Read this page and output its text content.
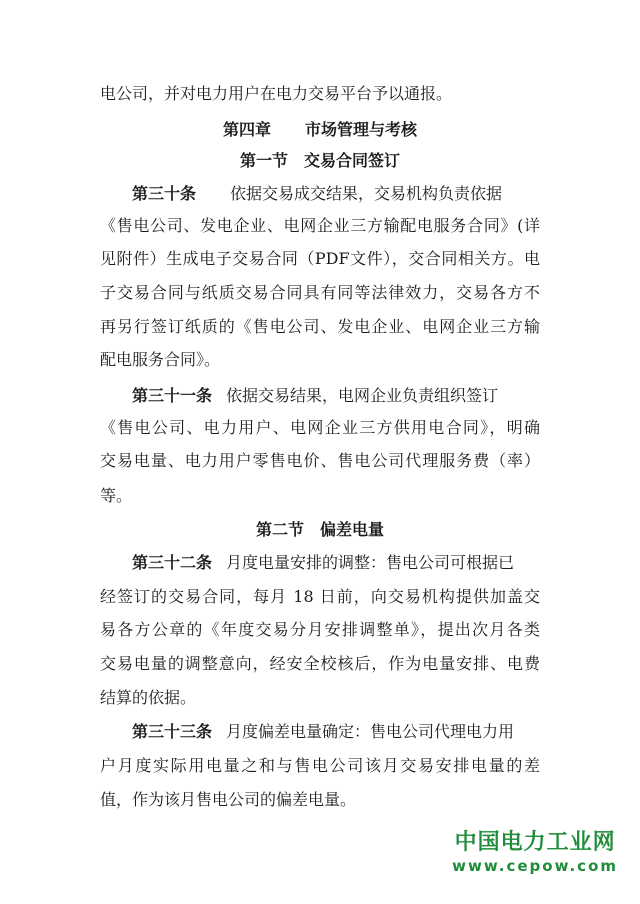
电公司，并对电力用户在电力交易平台予以通报。
第四章 市场管理与考核
第一节 交易合同签订
第三十条 依据交易成交结果，交易机构负责依据
《售电公司、发电企业、电网企业三方输配电服务合同》(详
见附件）生成电子交易合同（PDF文件），交合同相关方。电
子交易合同与纸质交易合同具有同等法律效力，交易各方不
再另行签订纸质的《售电公司、发电企业、电网企业三方输
配电服务合同》。
第三十一条 依据交易结果，电网企业负责组织签订
《售电公司、电力用户、电网企业三方供用电合同》，明确
交易电量、电力用户零售电价、售电公司代理服务费（率）
等。
第二节 偏差电量
第三十二条 月度电量安排的调整：售电公司可根据已
经签订的交易合同，每月 18 日前，向交易机构提供加盖交
易各方公章的《年度交易分月安排调整单》，提出次月各类
交易电量的调整意向，经安全校核后，作为电量安排、电费
结算的依据。
第三十三条 月度偏差电量确定：售电公司代理电力用
户月度实际用电量之和与售电公司该月交易安排电量的差
值，作为该月售电公司的偏差电量。
中国电力工业网
www.cepow.com
